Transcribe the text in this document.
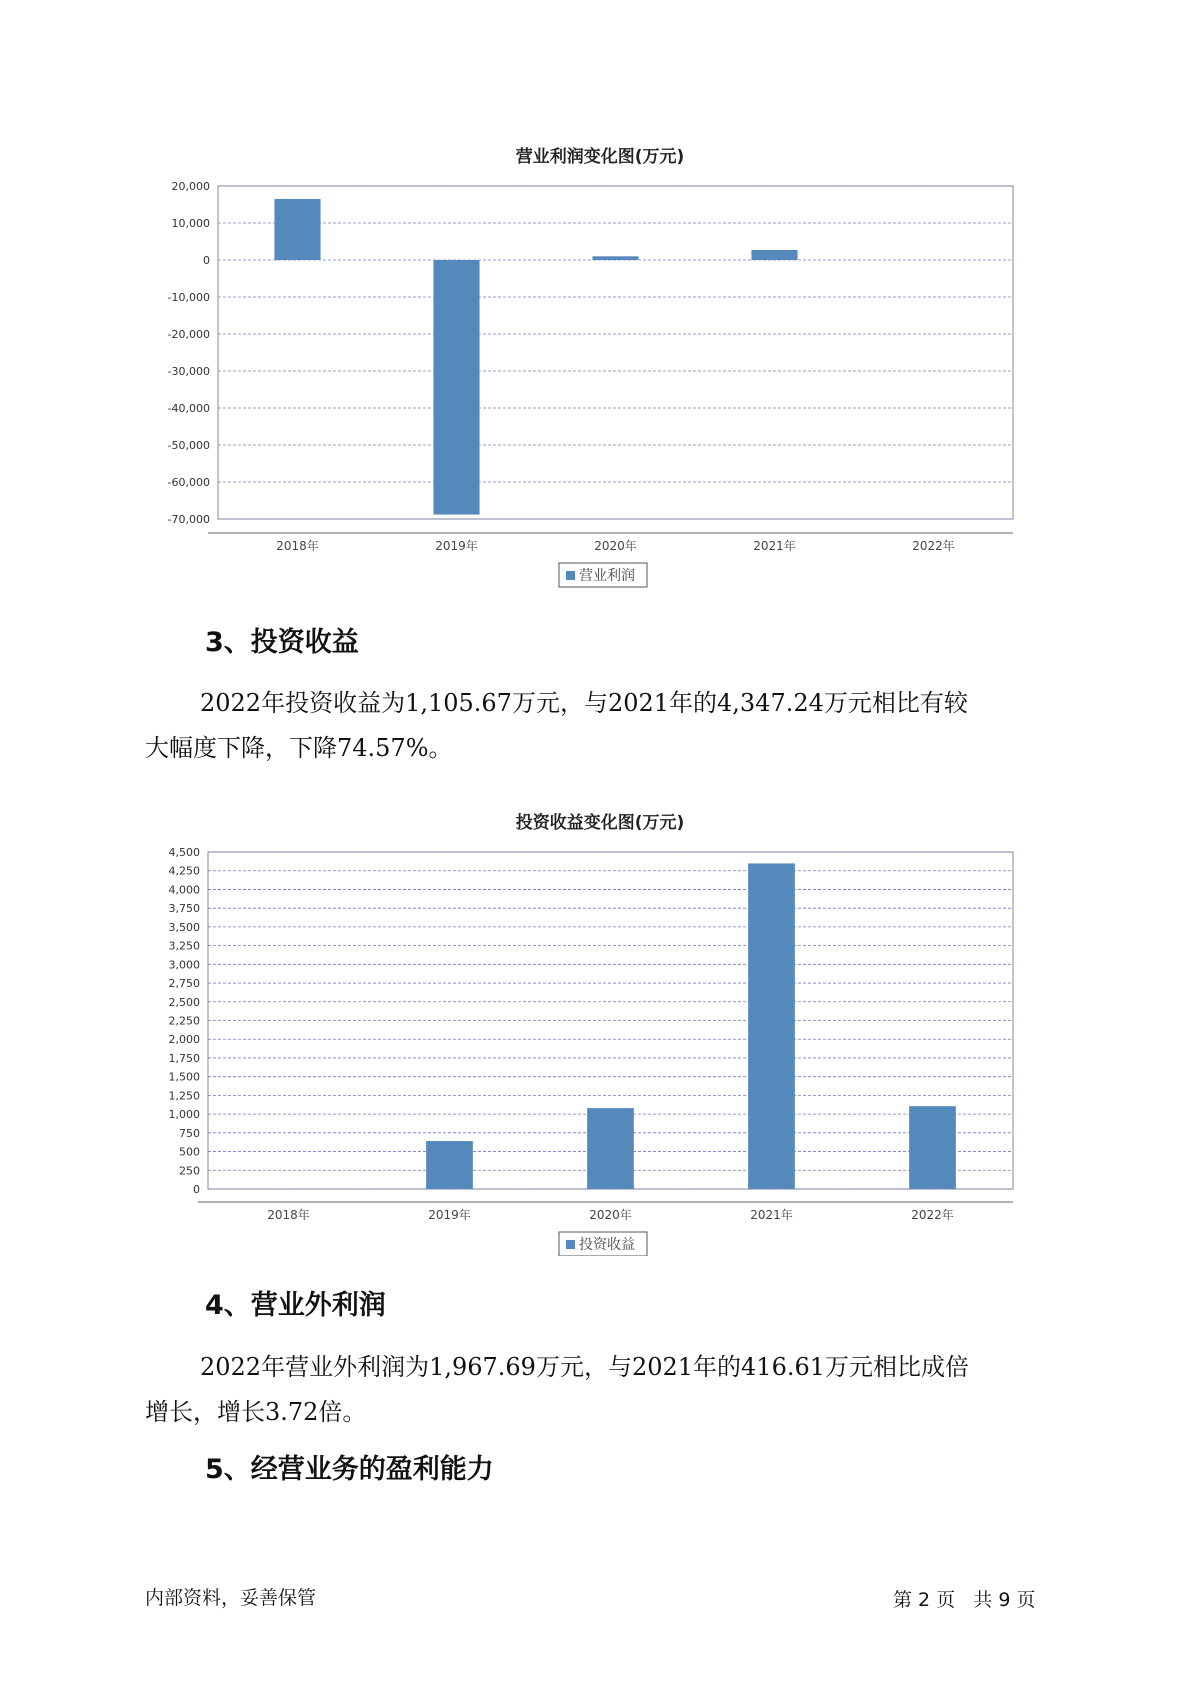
营业利润变化图(万元)
20,000
10,000
0
-10,000
-20,000
-30,000
-40,000
-50,000
-60,000
-70,000
2018年	2019年	2020年	2021年	2022年
营业利润
3、投资收益

2022年投资收益为1,105.67万元，与2021年的4,347.24万元相比有较

大幅度下降，下降74.57%。

投资收益变化图(万元)
4,500
4,250
4,000
3,750
3,500
3,250
3,000
2,750
2,500
2,250
2,000
1,750
1,500
1,250
1,000
750
500
250
0
2018年	2019年	2020年	2021年	2022年
投资收益
4、营业外利润

2022年营业外利润为1,967.69万元，与2021年的416.61万元相比成倍

增长，增长3.72倍。

5、经营业务的盈利能力
内部资料，妥善保管	第 2 页   共 9 页
